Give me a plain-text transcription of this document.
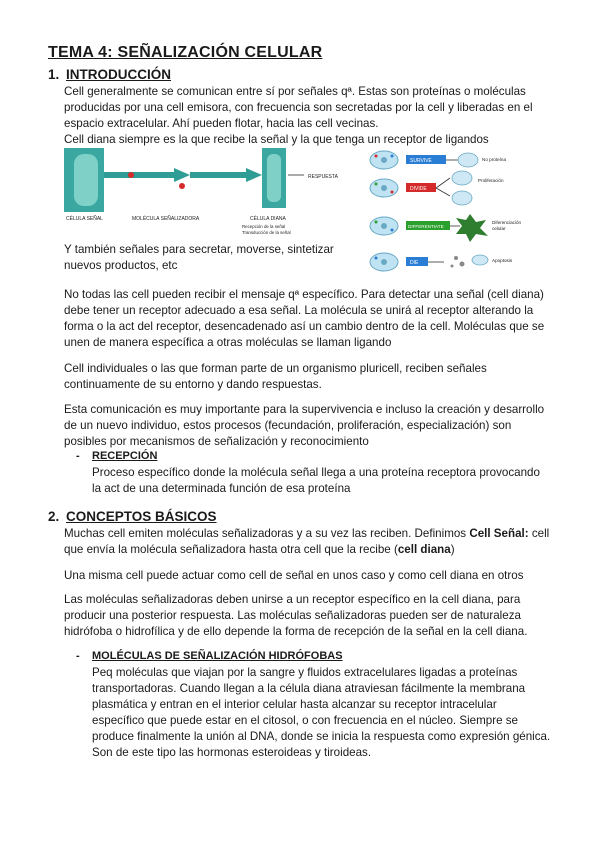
TEMA 4: SEÑALIZACIÓN CELULAR
1. INTRODUCCIÓN
Cell generalmente se comunican entre sí por señales qª. Estas son proteínas o moléculas producidas por una cell emisora, con frecuencia son secretadas por la cell y liberadas en el espacio extracelular. Ahí pueden flotar, hacia las cell vecinas.
Cell diana siempre es la que recibe la señal y la que tenga un receptor de ligandos
RESPUESTA
CÉLULA SEÑAL	MOLÉCULA SEÑALIZADORA	CÉLULA DIANA
Recepción de la señal
Transducción de la señal
SURVIVE	No proteína
DIVIDE
Proliferación
DIFFERENTIATE
Diferenciación
celular
DIE	Apoptosis
Y también señales para secretar, moverse, sintetizar nuevos productos, etc
No todas las cell pueden recibir el mensaje qª específico. Para detectar una señal (cell diana) debe tener un receptor adecuado a esa señal. La molécula se unirá al receptor alterando la forma o la act del receptor, desencadenado así un cambio dentro de la cell. Moléculas que se unen de manera específica a otras moléculas se llaman ligando
Cell individuales o las que forman parte de un organismo pluricell, reciben señales continuamente de su entorno y dando respuestas.
Esta comunicación es muy importante para la supervivencia e incluso la creación y desarrollo de un nuevo individuo, estos procesos (fecundación, proliferación, especialización) son posibles por mecanismos de señalización y reconocimiento
- RECEPCIÓN
Proceso específico donde la molécula señal llega a una proteína receptora provocando la act de una determinada función de esa proteína
2. CONCEPTOS BÁSICOS
Muchas cell emiten moléculas señalizadoras y a su vez las reciben. Definimos Cell Señal: cell que envía la molécula señalizadora hasta otra cell que la recibe (cell diana)
Una misma cell puede actuar como cell de señal en unos caso y como cell diana en otros
Las moléculas señalizadoras deben unirse a un receptor específico en la cell diana, para producir una posterior respuesta. Las moléculas señalizadoras pueden ser de naturaleza hidrófoba o hidrofílica y de ello depende la forma de recepción de la señal en la cell diana.
- MOLÉCULAS DE SEÑALIZACIÓN HIDRÓFOBAS
Peq moléculas que viajan por la sangre y fluidos extracelulares ligadas a proteínas transportadoras. Cuando llegan a la célula diana atraviesan fácilmente la membrana plasmática y entran en el interior celular hasta alcanzar su receptor intracelular específico que puede estar en el citosol, o con frecuencia en el núcleo. Siempre se produce finalmente la unión al DNA, donde se inicia la respuesta como expresión génica. Son de este tipo las hormonas esteroideas y tiroideas.
